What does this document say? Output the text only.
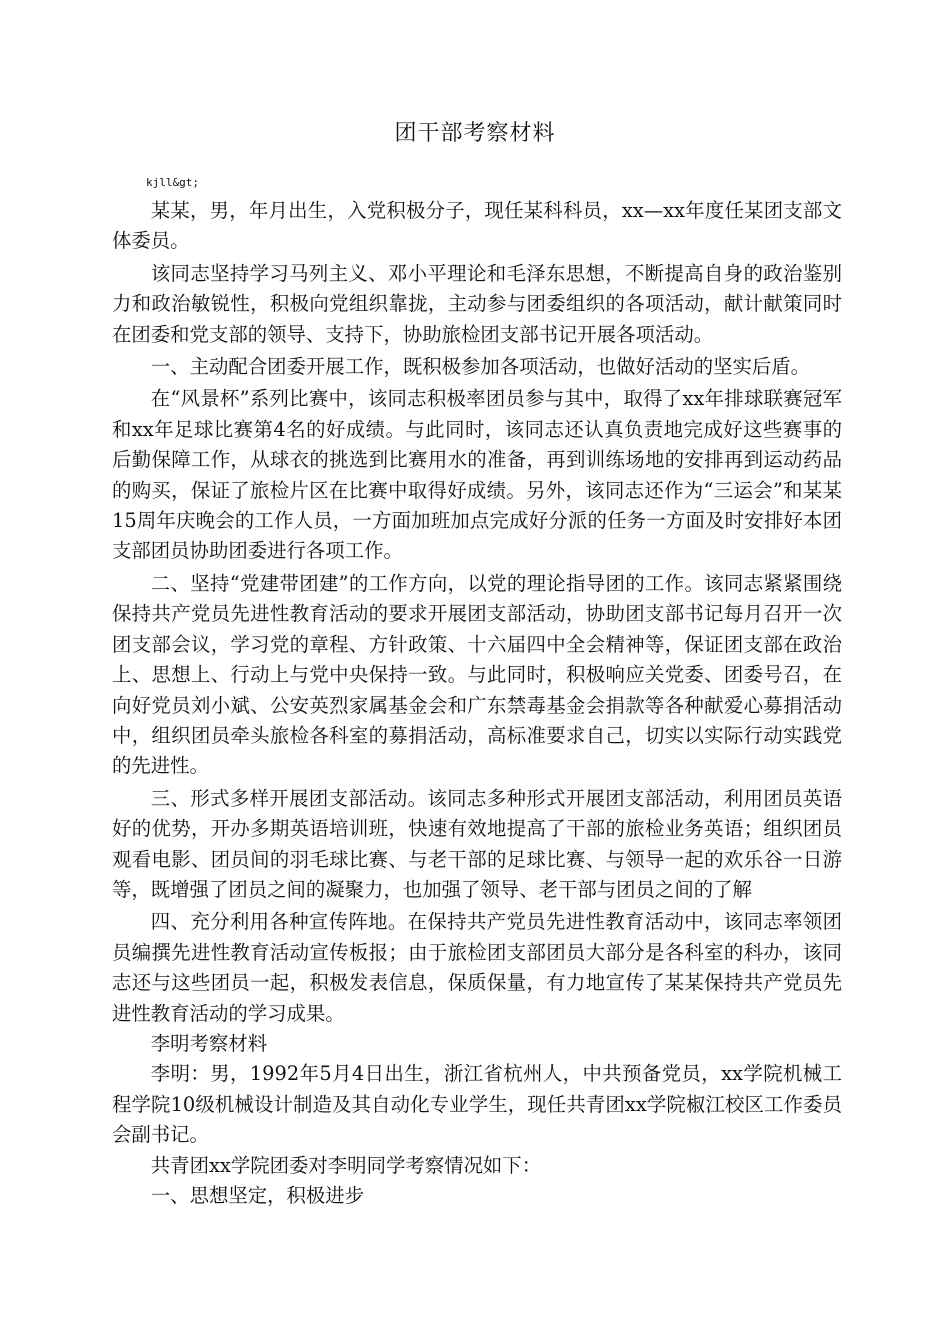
团干部考察材料
kjll&gt;

某某，男，年月出生，入党积极分子，现任某科科员，xx—xx年度任某团支部文体委员。

该同志坚持学习马列主义、邓小平理论和毛泽东思想，不断提高自身的政治鉴别力和政治敏锐性，积极向党组织靠拢，主动参与团委组织的各项活动，献计献策同时在团委和党支部的领导、支持下，协助旅检团支部书记开展各项活动。

一、主动配合团委开展工作，既积极参加各项活动，也做好活动的坚实后盾。

在“风景杯”系列比赛中，该同志积极率团员参与其中，取得了xx年排球联赛冠军和xx年足球比赛第4名的好成绩。与此同时，该同志还认真负责地完成好这些赛事的后勤保障工作，从球衣的挑选到比赛用水的准备，再到训练场地的安排再到运动药品的购买，保证了旅检片区在比赛中取得好成绩。另外，该同志还作为“三运会”和某某15周年庆晚会的工作人员，一方面加班加点完成好分派的任务一方面及时安排好本团支部团员协助团委进行各项工作。

二、坚持“党建带团建”的工作方向，以党的理论指导团的工作。该同志紧紧围绕保持共产党员先进性教育活动的要求开展团支部活动，协助团支部书记每月召开一次团支部会议，学习党的章程、方针政策、十六届四中全会精神等，保证团支部在政治上、思想上、行动上与党中央保持一致。与此同时，积极响应关党委、团委号召，在向好党员刘小斌、公安英烈家属基金会和广东禁毒基金会捐款等各种献爱心募捐活动中，组织团员牵头旅检各科室的募捐活动，高标准要求自己，切实以实际行动实践党的先进性。

三、形式多样开展团支部活动。该同志多种形式开展团支部活动，利用团员英语好的优势，开办多期英语培训班，快速有效地提高了干部的旅检业务英语；组织团员观看电影、团员间的羽毛球比赛、与老干部的足球比赛、与领导一起的欢乐谷一日游等，既增强了团员之间的凝聚力，也加强了领导、老干部与团员之间的了解

四、充分利用各种宣传阵地。在保持共产党员先进性教育活动中，该同志率领团员编撰先进性教育活动宣传板报；由于旅检团支部团员大部分是各科室的科办，该同志还与这些团员一起，积极发表信息，保质保量，有力地宣传了某某保持共产党员先进性教育活动的学习成果。

李明考察材料

李明：男，1992年5月4日出生，浙江省杭州人，中共预备党员，xx学院机械工程学院10级机械设计制造及其自动化专业学生，现任共青团xx学院椒江校区工作委员会副书记。

共青团xx学院团委对李明同学考察情况如下：

一、思想坚定，积极进步
